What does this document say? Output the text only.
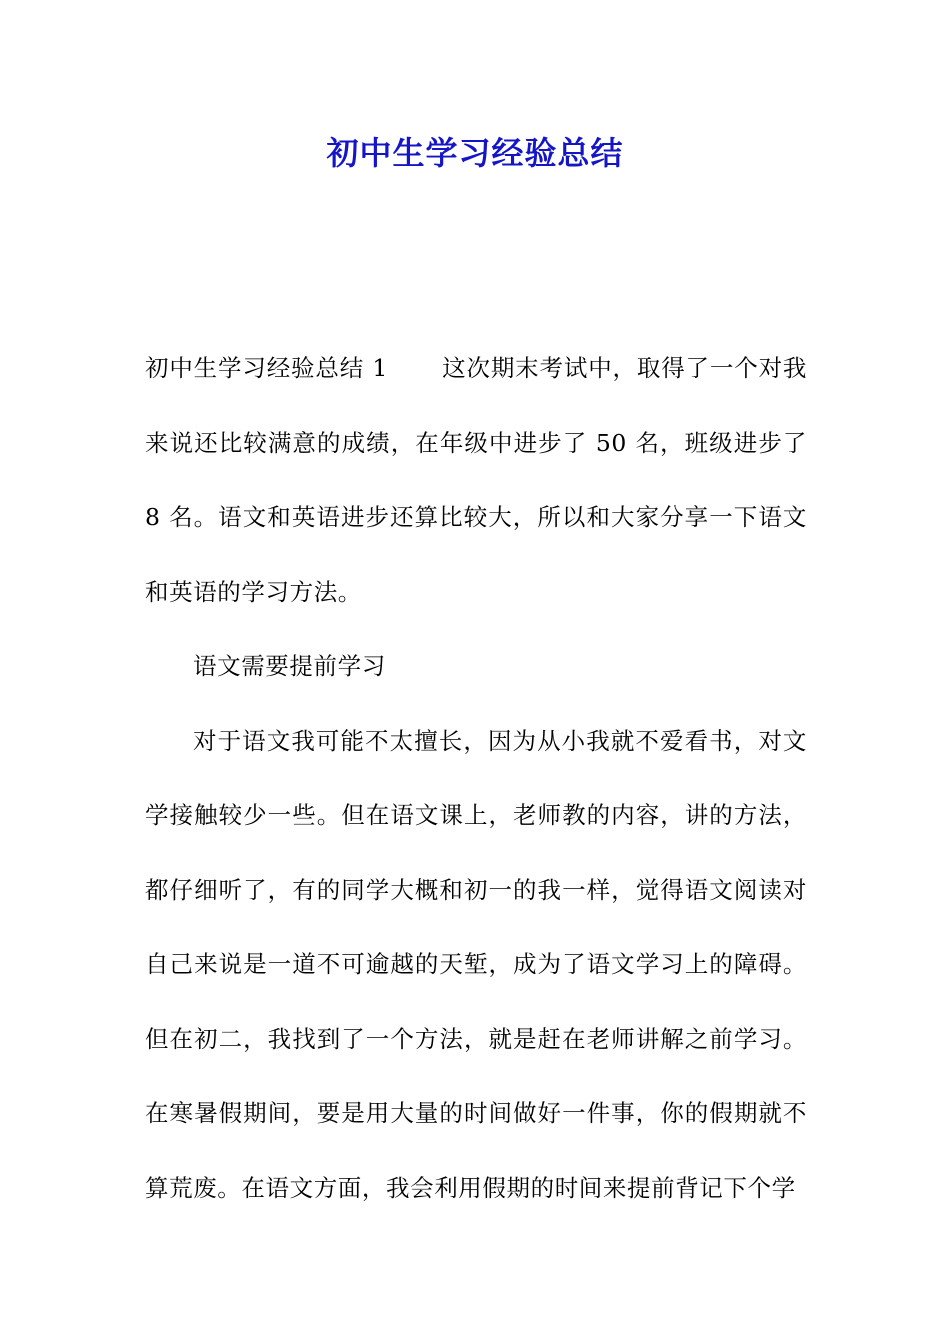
初中生学习经验总结

初中生学习经验总结 1 这次期末考试中，取得了一个对我来说还比较满意的成绩，在年级中进步了 50 名，班级进步了 8 名。语文和英语进步还算比较大，所以和大家分享一下语文和英语的学习方法。

语文需要提前学习

对于语文我可能不太擅长，因为从小我就不爱看书，对文学接触较少一些。但在语文课上，老师教的内容，讲的方法，都仔细听了，有的同学大概和初一的我一样，觉得语文阅读对自己来说是一道不可逾越的天堑，成为了语文学习上的障碍。但在初二，我找到了一个方法，就是赶在老师讲解之前学习。在寒暑假期间，要是用大量的时间做好一件事，你的假期就不算荒废。在语文方面，我会利用假期的时间来提前背记下个学
